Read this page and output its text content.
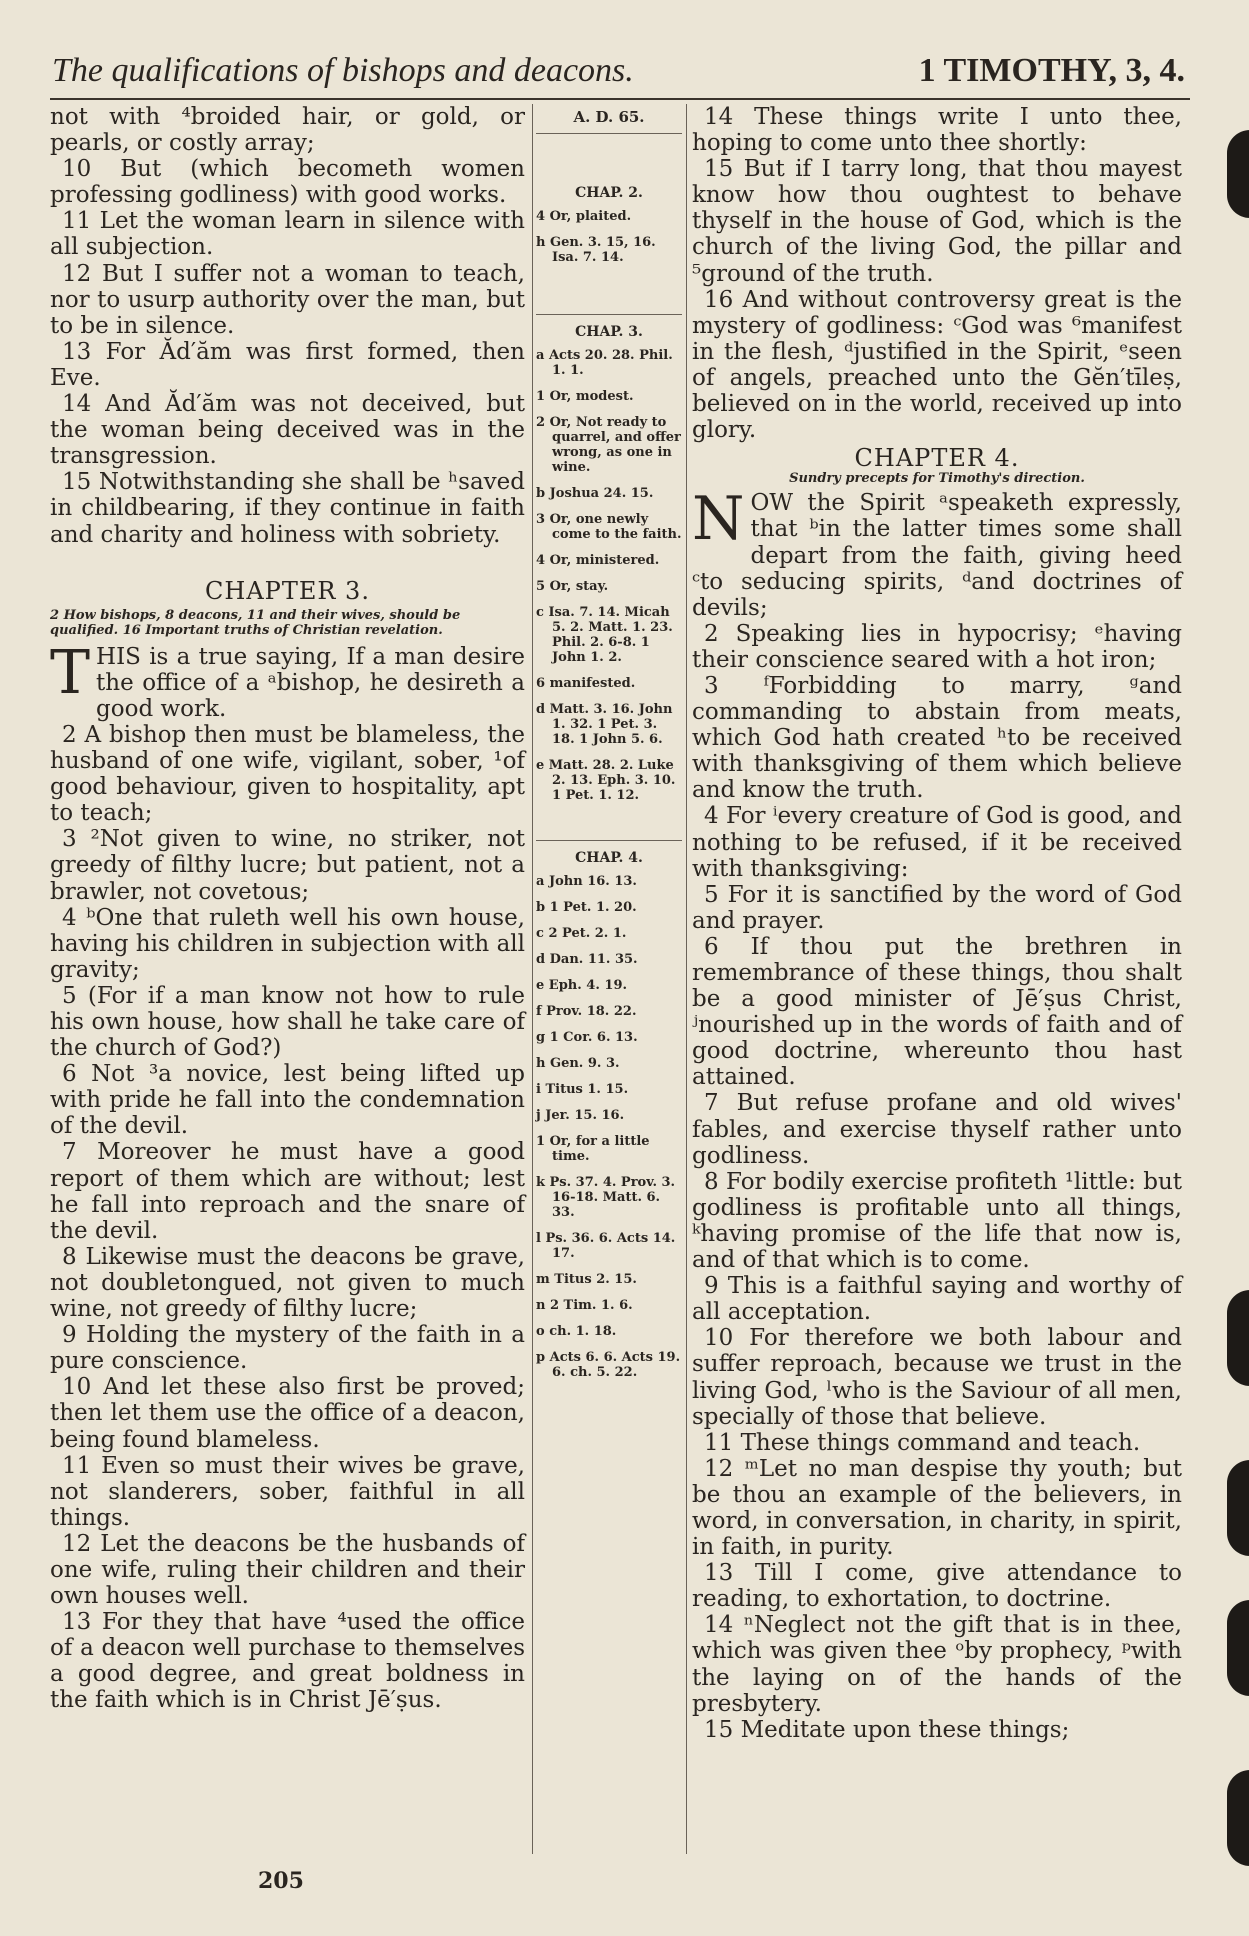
The qualifications of bishops and deacons.	1 TIMOTHY, 3, 4.

not with ⁴broided hair, or gold, or pearls, or costly array;

10 But (which becometh women professing godliness) with good works.

11 Let the woman learn in silence with all subjection.

12 But I suffer not a woman to teach, nor to usurp authority over the man, but to be in silence.

13 For Ăd′ăm was first formed, then Eve.

14 And Ăd′ăm was not deceived, but the woman being deceived was in the transgression.

15 Notwithstanding she shall be ʰsaved in childbearing, if they continue in faith and charity and holiness with sobriety.

CHAPTER 3.
2 How bishops, 8 deacons, 11 and their wives, should be qualified. 16 Important truths of Christian revelation.

THIS is a true saying, If a man desire the office of a ᵃbishop, he desireth a good work.

2 A bishop then must be blameless, the husband of one wife, vigilant, sober, ¹of good behaviour, given to hospitality, apt to teach;

3 ²Not given to wine, no striker, not greedy of filthy lucre; but patient, not a brawler, not covetous;

4 ᵇOne that ruleth well his own house, having his children in subjection with all gravity;

5 (For if a man know not how to rule his own house, how shall he take care of the church of God?)

6 Not ³a novice, lest being lifted up with pride he fall into the condemnation of the devil.

7 Moreover he must have a good report of them which are without; lest he fall into reproach and the snare of the devil.

8 Likewise must the deacons be grave, not doubletongued, not given to much wine, not greedy of filthy lucre;

9 Holding the mystery of the faith in a pure conscience.

10 And let these also first be proved; then let them use the office of a deacon, being found blameless.

11 Even so must their wives be grave, not slanderers, sober, faithful in all things.

12 Let the deacons be the husbands of one wife, ruling their children and their own houses well.

13 For they that have ⁴used the office of a deacon well purchase to themselves a good degree, and great boldness in the faith which is in Christ Jē′ṣus.

A. D. 65.
CHAP. 2.
4 Or, plaited.
h Gen. 3. 15, 16. Isa. 7. 14.
CHAP. 3.
a Acts 20. 28. Phil. 1. 1.
1 Or, modest.
2 Or, Not ready to quarrel, and offer wrong, as one in wine.
b Joshua 24. 15.
3 Or, one newly come to the faith.
4 Or, ministered.
5 Or, stay.
c Isa. 7. 14. Micah 5. 2. Matt. 1. 23. Phil. 2. 6-8. 1 John 1. 2.
6 manifested.
d Matt. 3. 16. John 1. 32. 1 Pet. 3. 18. 1 John 5. 6.
e Matt. 28. 2. Luke 2. 13. Eph. 3. 10. 1 Pet. 1. 12.
CHAP. 4.
a John 16. 13.
b 1 Pet. 1. 20.
c 2 Pet. 2. 1.
d Dan. 11. 35.
e Eph. 4. 19.
f Prov. 18. 22.
g 1 Cor. 6. 13.
h Gen. 9. 3.
i Titus 1. 15.
j Jer. 15. 16.
1 Or, for a little time.
k Ps. 37. 4. Prov. 3. 16-18. Matt. 6. 33.
l Ps. 36. 6. Acts 14. 17.
m Titus 2. 15.
n 2 Tim. 1. 6.
o ch. 1. 18.
p Acts 6. 6. Acts 19. 6. ch. 5. 22.

14 These things write I unto thee, hoping to come unto thee shortly:

15 But if I tarry long, that thou mayest know how thou oughtest to behave thyself in the house of God, which is the church of the living God, the pillar and ⁵ground of the truth.

16 And without controversy great is the mystery of godliness: ᶜGod was ⁶manifest in the flesh, ᵈjustified in the Spirit, ᵉseen of angels, preached unto the Gĕn′tīleṣ, believed on in the world, received up into glory.

CHAPTER 4.
Sundry precepts for Timothy's direction.

NOW the Spirit ᵃspeaketh expressly, that ᵇin the latter times some shall depart from the faith, giving heed ᶜto seducing spirits, ᵈand doctrines of devils;

2 Speaking lies in hypocrisy; ᵉhaving their conscience seared with a hot iron;

3 ᶠForbidding to marry, ᵍand commanding to abstain from meats, which God hath created ʰto be received with thanksgiving of them which believe and know the truth.

4 For ⁱevery creature of God is good, and nothing to be refused, if it be received with thanksgiving:

5 For it is sanctified by the word of God and prayer.

6 If thou put the brethren in remembrance of these things, thou shalt be a good minister of Jē′ṣus Christ, ʲnourished up in the words of faith and of good doctrine, whereunto thou hast attained.

7 But refuse profane and old wives' fables, and exercise thyself rather unto godliness.

8 For bodily exercise profiteth ¹little: but godliness is profitable unto all things, ᵏhaving promise of the life that now is, and of that which is to come.

9 This is a faithful saying and worthy of all acceptation.

10 For therefore we both labour and suffer reproach, because we trust in the living God, ˡwho is the Saviour of all men, specially of those that believe.

11 These things command and teach.

12 ᵐLet no man despise thy youth; but be thou an example of the believers, in word, in conversation, in charity, in spirit, in faith, in purity.

13 Till I come, give attendance to reading, to exhortation, to doctrine.

14 ⁿNeglect not the gift that is in thee, which was given thee ᵒby prophecy, ᵖwith the laying on of the hands of the presbytery.

15 Meditate upon these things;

205
